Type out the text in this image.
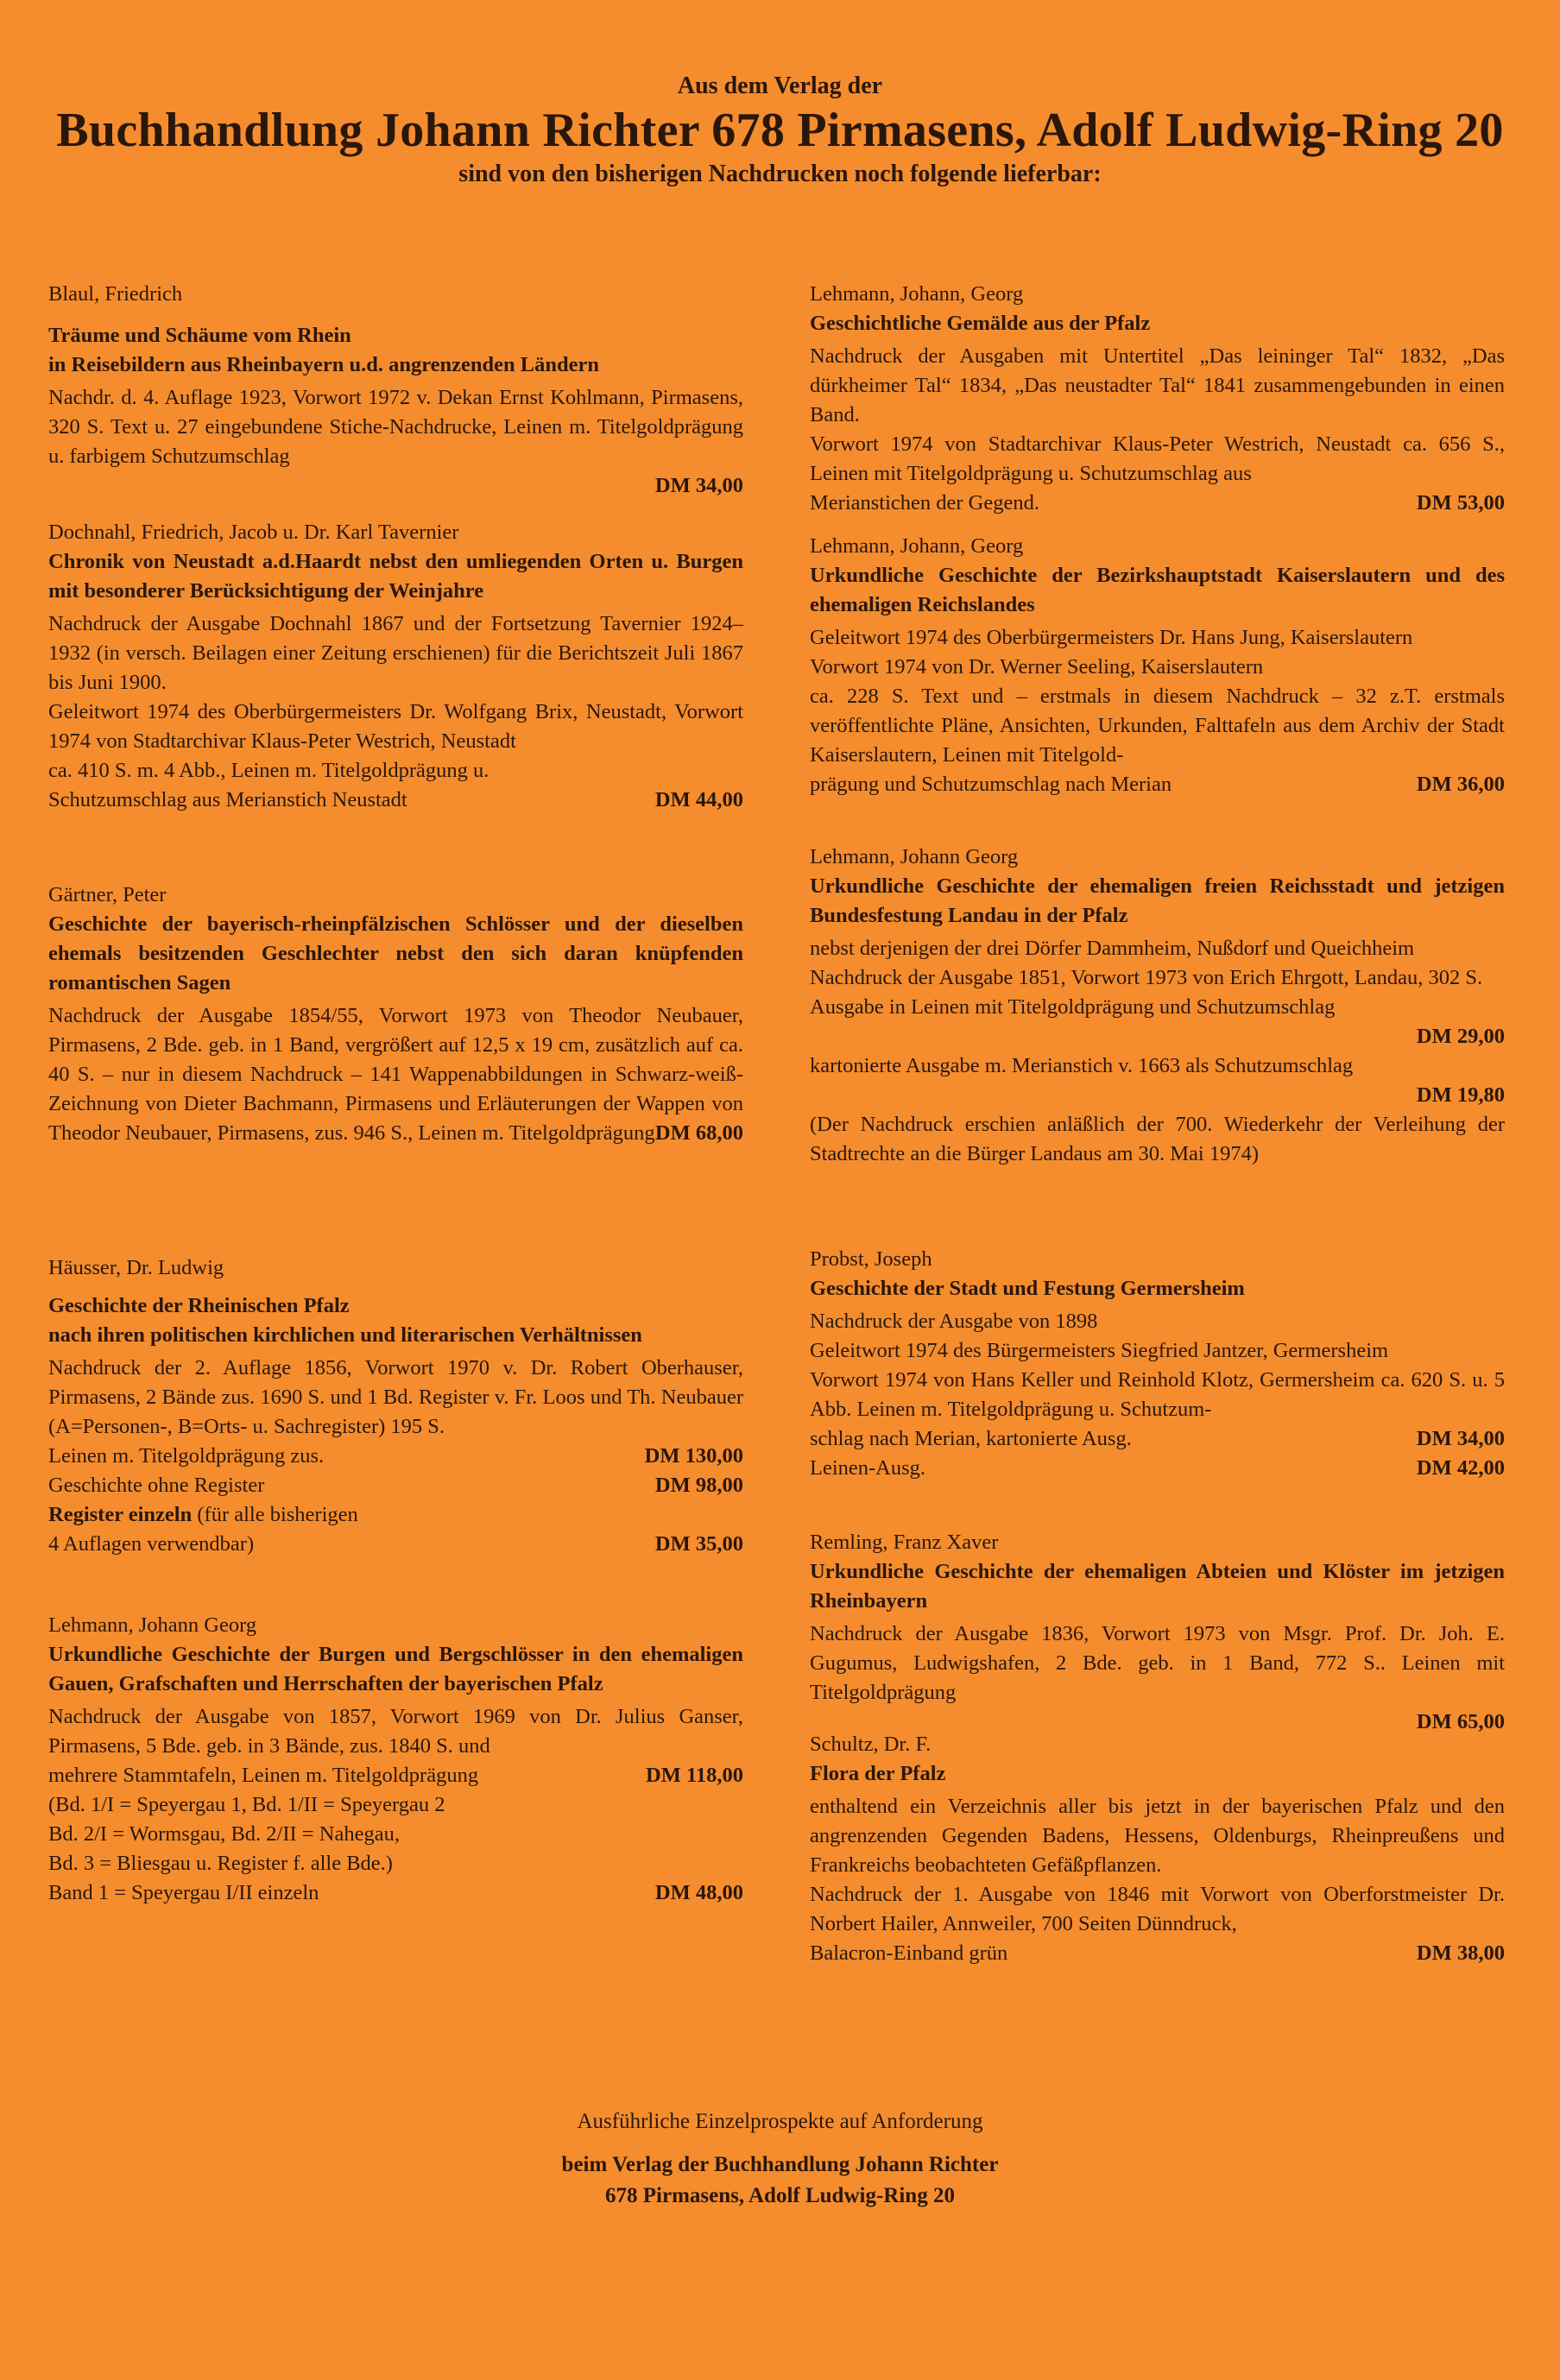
Aus dem Verlag der

Buchhandlung Johann Richter 678 Pirmasens, Adolf Ludwig-Ring 20

sind von den bisherigen Nachdrucken noch folgende lieferbar:

Blaul, Friedrich

Träume und Schäume vom Rhein
in Reisebildern aus Rheinbayern u.d. angrenzenden Ländern

Nachdr. d. 4. Auflage 1923, Vorwort 1972 v. Dekan Ernst Kohlmann, Pirmasens, 320 S. Text u. 27 eingebundene Stiche-Nachdrucke, Leinen m. Titelgoldprägung u. farbigem Schutzumschlag

DM 34,00

Dochnahl, Friedrich, Jacob u. Dr. Karl Tavernier

Chronik von Neustadt a.d.Haardt nebst den umliegenden Orten u. Burgen mit besonderer Berücksichtigung der Weinjahre

Nachdruck der Ausgabe Dochnahl 1867 und der Fortsetzung Tavernier 1924–1932 (in versch. Beilagen einer Zeitung erschienen) für die Berichtszeit Juli 1867 bis Juni 1900.

Geleitwort 1974 des Oberbürgermeisters Dr. Wolfgang Brix, Neustadt, Vorwort 1974 von Stadtarchivar Klaus-Peter Westrich, Neustadt

ca. 410 S. m. 4 Abb., Leinen m. Titelgoldprägung u. Schutzumschlag aus Merianstich Neustadt	DM 44,00

Gärtner, Peter

Geschichte der bayerisch-rheinpfälzischen Schlösser und der dieselben ehemals besitzenden Geschlechter nebst den sich daran knüpfenden romantischen Sagen

Nachdruck der Ausgabe 1854/55, Vorwort 1973 von Theodor Neubauer, Pirmasens, 2 Bde. geb. in 1 Band, vergrößert auf 12,5 x 19 cm, zusätzlich auf ca. 40 S. – nur in diesem Nachdruck – 141 Wappenabbildungen in Schwarz-weiß-Zeichnung von Dieter Bachmann, Pirmasens und Erläuterungen der Wappen von Theodor Neubauer, Pirmasens, zus. 946 S., Leinen m. Titelgoldprägung DM 68,00

Häusser, Dr. Ludwig

Geschichte der Rheinischen Pfalz
nach ihren politischen kirchlichen und literarischen Verhältnissen

Nachdruck der 2. Auflage 1856, Vorwort 1970 v. Dr. Robert Oberhauser, Pirmasens, 2 Bände zus. 1690 S. und 1 Bd. Register v. Fr. Loos und Th. Neubauer (A=Personen-, B=Orts- u. Sachregister) 195 S.

Leinen m. Titelgoldprägung zus.	DM 130,00
Geschichte ohne Register	DM 98,00
Register einzeln (für alle bisherigen
4 Auflagen verwendbar)	DM 35,00

Lehmann, Johann Georg

Urkundliche Geschichte der Burgen und Bergschlösser in den ehemaligen Gauen, Grafschaften und Herrschaften der bayerischen Pfalz

Nachdruck der Ausgabe von 1857, Vorwort 1969 von Dr. Julius Ganser, Pirmasens, 5 Bde. geb. in 3 Bände, zus. 1840 S. und

mehrere Stammtafeln, Leinen m. Titelgoldprägung	DM 118,00

(Bd. 1/I = Speyergau 1, Bd. 1/II = Speyergau 2

Bd. 2/I = Wormsgau, Bd. 2/II = Nahegau,

Bd. 3 = Bliesgau u. Register f. alle Bde.)

Band 1 = Speyergau I/II einzeln	DM 48,00

Lehmann, Johann, Georg

Geschichtliche Gemälde aus der Pfalz

Nachdruck der Ausgaben mit Untertitel „Das leininger Tal“ 1832, „Das dürkheimer Tal“ 1834, „Das neustadter Tal“ 1841 zusammengebunden in einen Band.

Vorwort 1974 von Stadtarchivar Klaus-Peter Westrich, Neustadt ca. 656 S., Leinen mit Titelgoldprägung u. Schutzumschlag aus

Merianstichen der Gegend.	DM 53,00

Lehmann, Johann, Georg

Urkundliche Geschichte der Bezirkshauptstadt Kaiserslautern und des ehemaligen Reichslandes

Geleitwort 1974 des Oberbürgermeisters Dr. Hans Jung, Kaiserslautern

Vorwort 1974 von Dr. Werner Seeling, Kaiserslautern

ca. 228 S. Text und – erstmals in diesem Nachdruck – 32 z.T. erstmals veröffentlichte Pläne, Ansichten, Urkunden, Falttafeln aus dem Archiv der Stadt Kaiserslautern, Leinen mit Titelgold-

prägung und Schutzumschlag nach Merian	DM 36,00

Lehmann, Johann Georg

Urkundliche Geschichte der ehemaligen freien Reichsstadt und jetzigen Bundesfestung Landau in der Pfalz

nebst derjenigen der drei Dörfer Dammheim, Nußdorf und Queichheim

Nachdruck der Ausgabe 1851, Vorwort 1973 von Erich Ehrgott, Landau, 302 S.

Ausgabe in Leinen mit Titelgoldprägung und Schutzumschlag

DM 29,00

kartonierte Ausgabe m. Merianstich v. 1663 als Schutzumschlag

DM 19,80

(Der Nachdruck erschien anläßlich der 700. Wiederkehr der Verleihung der Stadtrechte an die Bürger Landaus am 30. Mai 1974)

Probst, Joseph

Geschichte der Stadt und Festung Germersheim

Nachdruck der Ausgabe von 1898

Geleitwort 1974 des Bürgermeisters Siegfried Jantzer, Germersheim

Vorwort 1974 von Hans Keller und Reinhold Klotz, Germersheim ca. 620 S. u. 5 Abb. Leinen m. Titelgoldprägung u. Schutzum-

schlag nach Merian, kartonierte Ausg.	DM 34,00
Leinen-Ausg.	DM 42,00

Remling, Franz Xaver

Urkundliche Geschichte der ehemaligen Abteien und Klöster im jetzigen Rheinbayern

Nachdruck der Ausgabe 1836, Vorwort 1973 von Msgr. Prof. Dr. Joh. E. Gugumus, Ludwigshafen, 2 Bde. geb. in 1 Band, 772 S.. Leinen mit Titelgoldprägung

DM 65,00

Schultz, Dr. F.

Flora der Pfalz

enthaltend ein Verzeichnis aller bis jetzt in der bayerischen Pfalz und den angrenzenden Gegenden Badens, Hessens, Oldenburgs, Rheinpreußens und Frankreichs beobachteten Gefäßpflanzen.

Nachdruck der 1. Ausgabe von 1846 mit Vorwort von Oberforstmeister Dr. Norbert Hailer, Annweiler, 700 Seiten Dünndruck,

Balacron-Einband grün	DM 38,00

Ausführliche Einzelprospekte auf Anforderung

beim Verlag der Buchhandlung Johann Richter

678 Pirmasens, Adolf Ludwig-Ring 20
